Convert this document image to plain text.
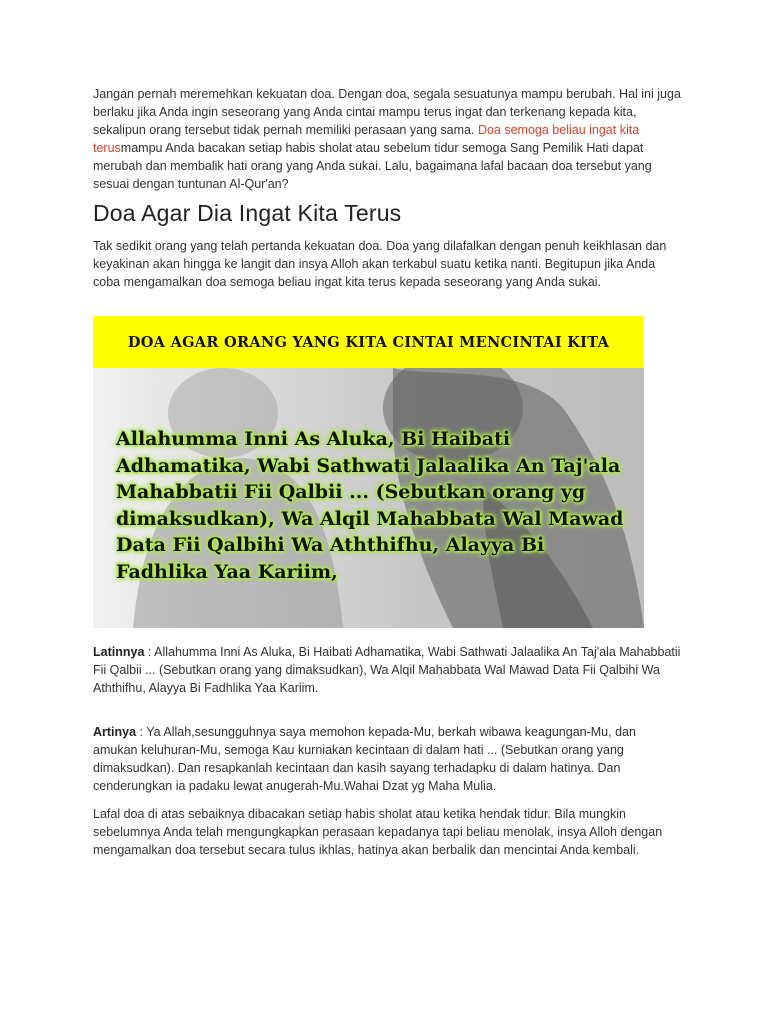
Jangan pernah meremehkan kekuatan doa. Dengan doa, segala sesuatunya mampu berubah. Hal ini juga berlaku jika Anda ingin seseorang yang Anda cintai mampu terus ingat dan terkenang kepada kita, sekalipun orang tersebut tidak pernah memiliki perasaan yang sama. Doa semoga beliau ingat kita terusmampu Anda bacakan setiap habis sholat atau sebelum tidur semoga Sang Pemilik Hati dapat merubah dan membalik hati orang yang Anda sukai. Lalu, bagaimana lafal bacaan doa tersebut yang sesuai dengan tuntunan Al-Qur'an?

Doa Agar Dia Ingat Kita Terus

Tak sedikit orang yang telah pertanda kekuatan doa. Doa yang dilafalkan dengan penuh keikhlasan dan keyakinan akan hingga ke langit dan insya Alloh akan terkabul suatu ketika nanti. Begitupun jika Anda coba mengamalkan doa semoga beliau ingat kita terus kepada seseorang yang Anda sukai.

DOA AGAR ORANG YANG KITA CINTAI MENCINTAI KITA
Allahumma Inni As Aluka, Bi Haibati Adhamatika, Wabi Sathwati Jalaalika An Taj'ala Mahabbatii Fii Qalbii ... (Sebutkan orang yg dimaksudkan), Wa Alqil Mahabbata Wal Mawad Data Fii Qalbihi Wa Aththifhu, Alayya Bi Fadhlika Yaa Kariim,

Latinnya : Allahumma Inni As Aluka, Bi Haibati Adhamatika, Wabi Sathwati Jalaalika An Taj'ala Mahabbatii Fii Qalbii ... (Sebutkan orang yang dimaksudkan), Wa Alqil Mahabbata Wal Mawad Data Fii Qalbihi Wa Aththifhu, Alayya Bi Fadhlika Yaa Kariim.

Artinya : Ya Allah,sesungguhnya saya memohon kepada-Mu, berkah wibawa keagungan-Mu, dan amukan keluhuran-Mu, semoga Kau kurniakan kecintaan di dalam hati ... (Sebutkan orang yang dimaksudkan). Dan resapkanlah kecintaan dan kasih sayang terhadapku di dalam hatinya. Dan cenderungkan ia padaku lewat anugerah-Mu.Wahai Dzat yg Maha Mulia.

Lafal doa di atas sebaiknya dibacakan setiap habis sholat atau ketika hendak tidur. Bila mungkin sebelumnya Anda telah mengungkapkan perasaan kepadanya tapi beliau menolak, insya Alloh dengan mengamalkan doa tersebut secara tulus ikhlas, hatinya akan berbalik dan mencintai Anda kembali.
